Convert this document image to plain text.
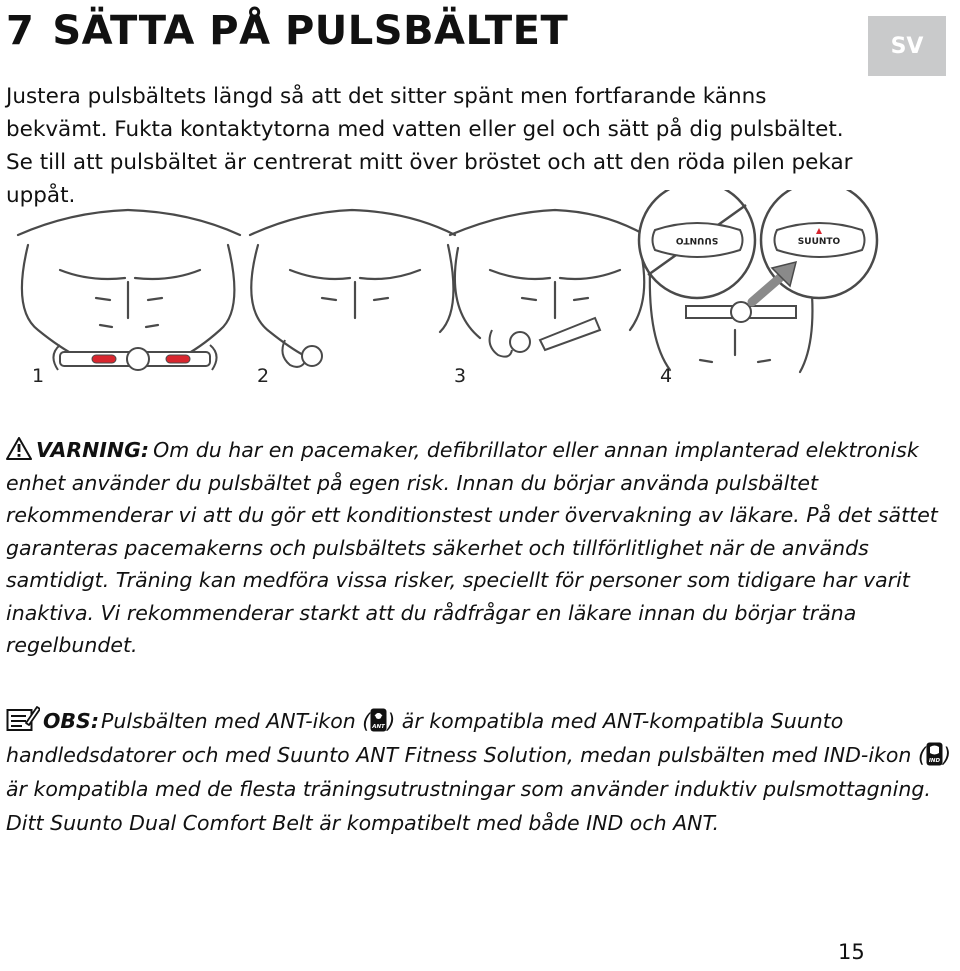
7 SÄTTA PÅ PULSBÄLTET	SV

Justera pulsbältets längd så att det sitter spänt men fortfarande känns bekvämt. Fukta kontaktytorna med vatten eller gel och sätt på dig pulsbältet. Se till att pulsbältet är centrerat mitt över bröstet och att den röda pilen pekar uppåt.

SUUNTO	SUUNTO
1	2	3	4

VARNING: Om du har en pacemaker, defibrillator eller annan implanterad elektronisk enhet använder du pulsbältet på egen risk. Innan du börjar använda pulsbältet rekommenderar vi att du gör ett konditionstest under övervakning av läkare. På det sättet garanteras pacemakerns och pulsbältets säkerhet och tillförlitlighet när de används samtidigt. Träning kan medföra vissa risker, speciellt för personer som tidigare har varit inaktiva. Vi rekommenderar starkt att du rådfrågar en läkare innan du börjar träna regelbundet.

OBS:Pulsbälten med ANT-ikon ( ANT ) är kompatibla med ANT-kompatibla Suunto handledsdatorer och med Suunto ANT Fitness Solution, medan pulsbälten med IND-ikon ( IND ) är kompatibla med de flesta träningsutrustningar som använder induktiv pulsmottagning. Ditt Suunto Dual Comfort Belt är kompatibelt med både IND och ANT.

15
